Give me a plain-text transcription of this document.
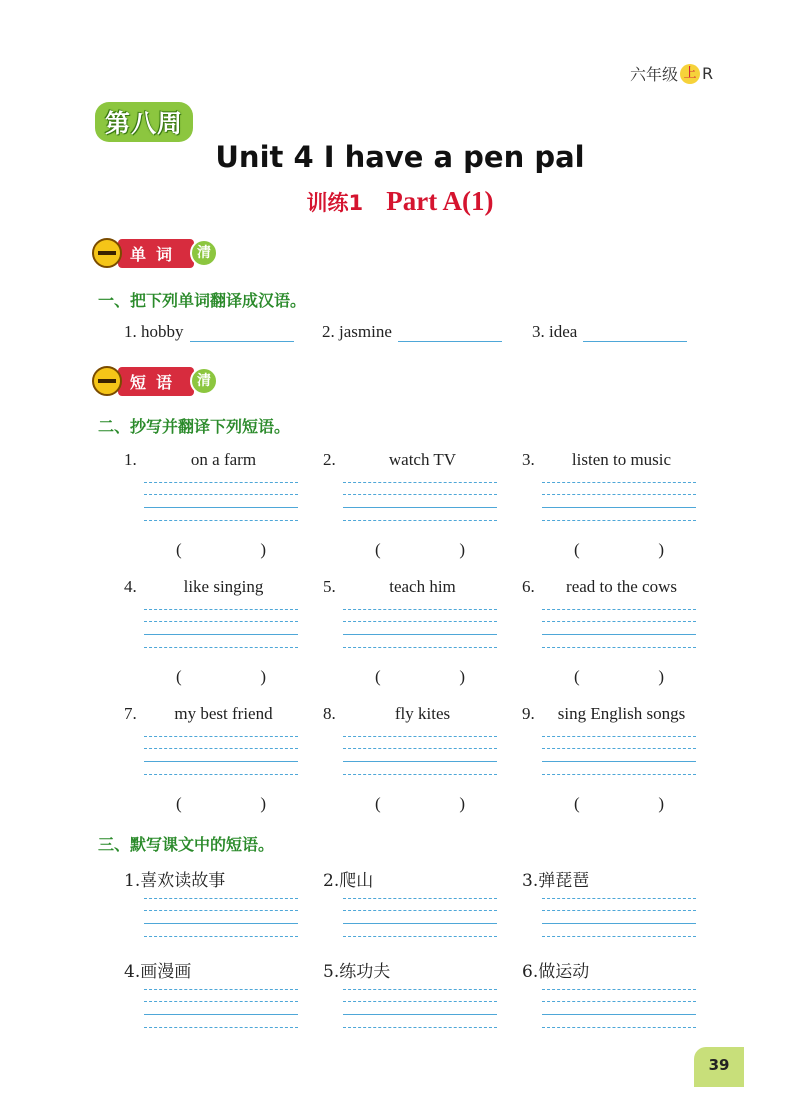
六年级 上 R
第八周
Unit 4 I have a pen pal
训练1 Part A(1)
单词	清
一、把下列单词翻译成汉语。
1.
hobby	2.
jasmine	3.
idea
短语	清
二、抄写并翻译下列短语。
1.	on a farm
(	)
2.	watch TV
(	)
3.	listen to music
(	)
4.	like singing
(	)
5.	teach him
(	)
6.	read to the cows
(	)
7.	my best friend
(	)
8.	fly kites
(	)
9.	sing English songs
(	)
三、默写课文中的短语。
1.喜欢读故事	2.爬山	3.弹琵琶
4.画漫画	5.练功夫	6.做运动
39
